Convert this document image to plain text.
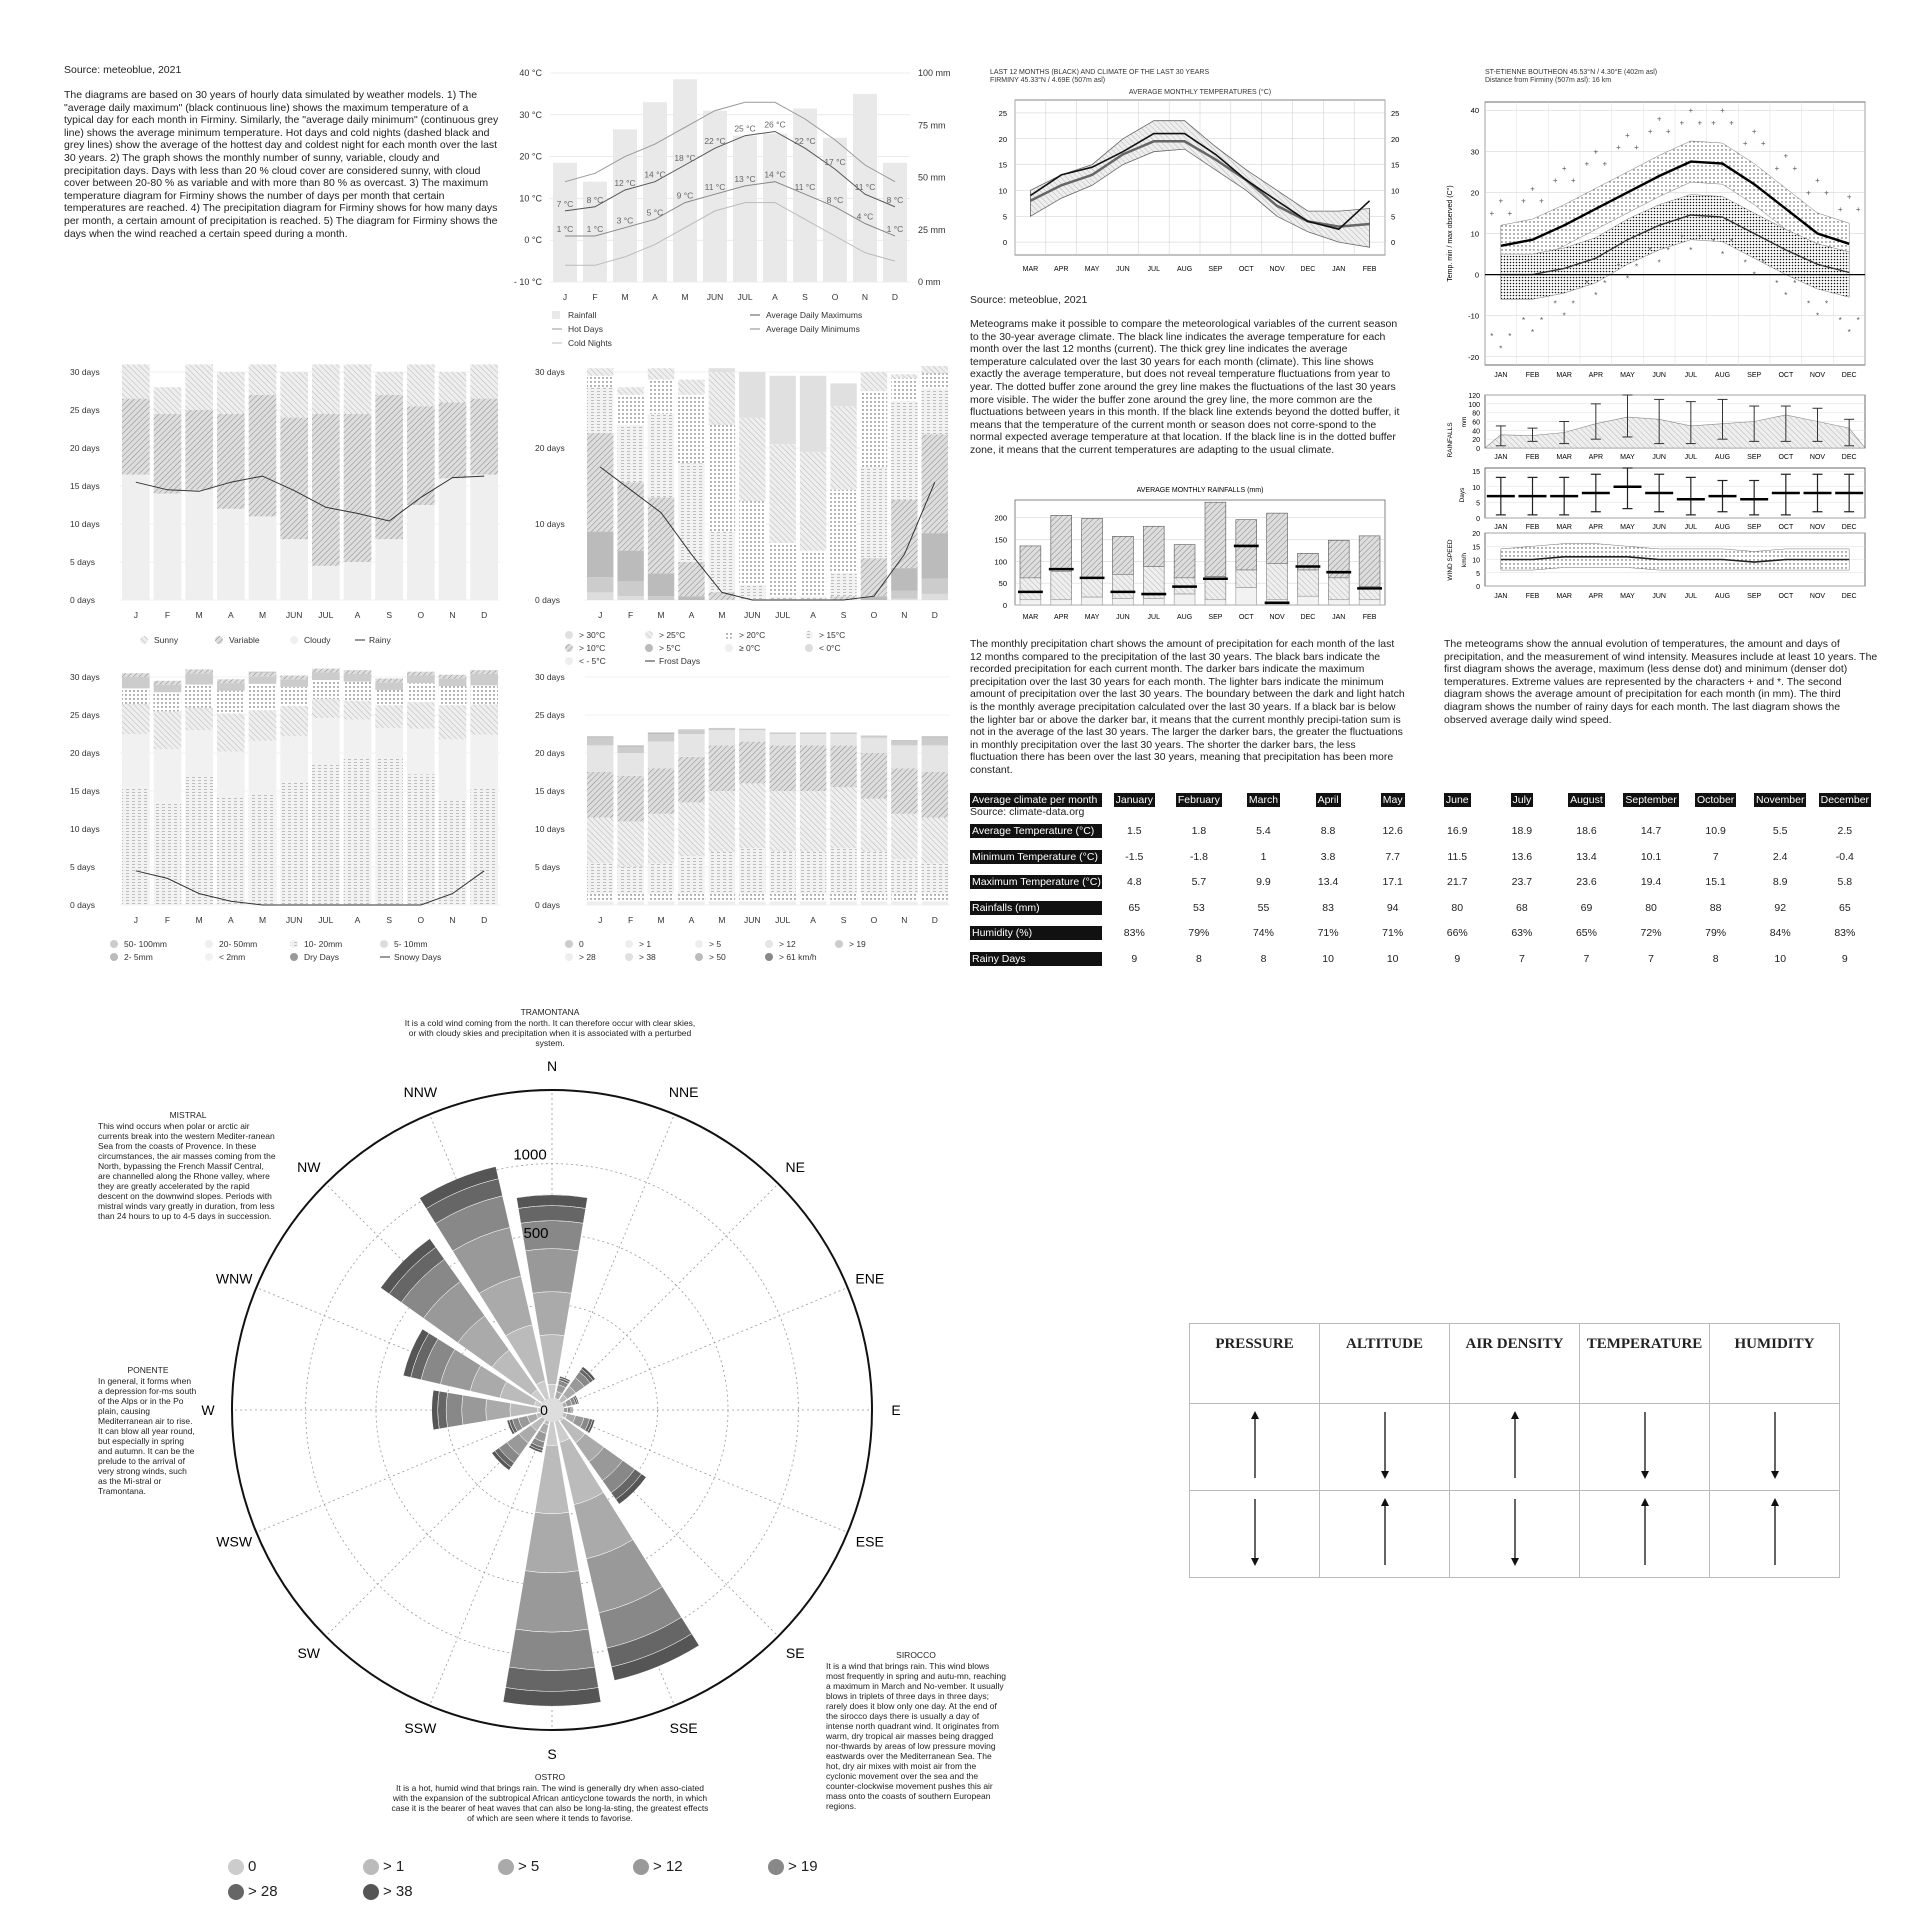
Source: meteoblue, 2021
The diagrams are based on 30 years of hourly data simulated by weather models. 1) The "average daily maximum" (black continuous line) shows the maximum temperature of a typical day for each month in Firminy. Similarly, the "average daily minimum" (continuous grey line) shows the average minimum temperature. Hot days and cold nights (dashed black and grey lines) show the average of the hottest day and coldest night for each month over the last 30 years. 2) The graph shows the monthly number of sunny, variable, cloudy and precipitation days. Days with less than 20 % cloud cover are considered sunny, with cloud cover between 20-80 % as variable and with more than 80 % as overcast. 3) The maximum temperature diagram for Firminy shows the number of days per month that certain temperatures are reached. 4) The precipitation diagram for Firminy shows for how many days per month, a certain amount of precipitation is reached. 5) The diagram for Firminy shows the days when the wind reached a certain speed during a month.
40 °C
30 °C
20 °C
10 °C
0 °C
- 10 °C
100 mm
75 mm
50 mm
25 mm
0 mm
7 °C 8 °C
12 °C
14 °C
18 °C
22 °C
25 °C 26 °C
22 °C
17 °C
11 °C
8 °C
1 °C 1 °C
3 °C
5 °C
9 °C
11 °C
13 °C 14 °C
11 °C
8 °C
4 °C
1 °C
J	F	M	A	M JUN JUL A	S	O	N	D
Rainfall
Hot Days
Cold Nights
Average Daily Maximums
Average Daily Minimums
30 days
25 days
20 days
15 days
10 days
5 days
0 days
J	F	M	A	M JUN JUL	A	S	O	N	D
Sunny	Variable	Cloudy	Rainy
30 days
20 days
10 days
0 days
J	F	M	A	M JUN JUL A	S	O	N	D
> 30°C	> 25°C	> 20°C	> 15°C
> 10°C	> 5°C	≥ 0°C	< 0°C
< - 5°C	Frost Days
30 days
25 days
20 days
15 days
10 days
5 days
0 days
J	F	M	A	M JUN JUL	A	S	O	N	D
50- 100mm	20- 50mm	10- 20mm	5- 10mm
2- 5mm	< 2mm	Dry Days	Snowy Days
30 days
25 days
20 days
15 days
10 days
5 days
0 days
J	F	M	A	M JUN JUL A	S	O	N	D
0	> 1	> 5	> 12	> 19
> 28	> 38	> 50	> 61 km/h
LAST 12 MONTHS (BLACK) AND CLIMATE OF THE LAST 30 YEARS
FIRMINY 45.33°N / 4.69E (507m asl)
AVERAGE MONTHLY TEMPERATURES (°C)
25	25
20	20
15	15
10	10
5	5
0	0
MAR APR MAY JUN	JUL AUG SEP OCT NOV DEC JAN FEB
Source: meteoblue, 2021
Meteograms make it possible to compare the meteorological variables of the current season to the 30-year average climate. The black line indicates the average temperature for each month over the last 12 months (current). The thick grey line indicates the average temperature calculated over the last 30 years for each month (climate). This line shows exactly the average temperature, but does not reveal temperature fluctuations from year to year. The dotted buffer zone around the grey line makes the fluctuations of the last 30 years more visible. The wider the buffer zone around the grey line, the more common are the fluctuations between years in this month. If the black line extends beyond the dotted buffer, it means that the temperature of the current month or season does not corre-spond to the normal expected average temperature at that location. If the black line is in the dotted buffer zone, it means that the current temperatures are adapting to the usual climate.
AVERAGE MONTHLY RAINFALLS (mm)
200
150
100
50
0
MAR APR MAY JUN	JUL AUG SEP OCT NOV DEC JAN FEB
The monthly precipitation chart shows the amount of precipitation for each month of the last 12 months compared to the precipitation of the last 30 years. The black bars indicate the recorded precipitation for each current month. The darker bars indicate the maximum precipitation over the last 30 years for each month. The lighter bars indicate the minimum amount of precipitation over the last 30 years. The boundary between the dark and light hatch is the monthly average precipitation calculated over the last 30 years. If a black bar is below the lighter bar or above the darker bar, it means that the current monthly precipi-tation sum is not in the average of the last 30 years. The larger the darker bars, the greater the fluctuations in monthly precipitation over the last 30 years. The shorter the darker bars, the less fluctuation there has been over the last 30 years, meaning that precipitation has been more constant.
ST-ETIENNE BOUTHEON 45.53°N / 4.30°E (402m asl)
Distance from Firminy (507m asl): 16 km
Temp. min / max observed (C°)
40
30
20
10
0
-10
-20
+
+
+
+
+
+
+
+
+
+
+
+
+
+
+
+
+
+
+
+
+ +
+
+
+
+
+
+
+
+
+
+
+
+
+
+
*
*
*
*
*
*
*
*
*
*
*
*
*
*
*
*
*
*
*
*
* *
*
*
*
*
*
*
*
*
*
*
*
*
*
*
JAN	FEB MAR APR MAY	JUN	JUL	AUG SEP OCT NOV DEC
RAINFALLS
mm
120
100
80
60
40
20
0
JAN	FEB MAR APR MAY	JUN	JUL	AUG SEP OCT NOV DEC
Days
15
10
5
0
JAN	FEB MAR APR MAY	JUN	JUL	AUG SEP OCT NOV DEC
WIND SPEED km/h
20
15
10
5
0
JAN	FEB MAR APR MAY	JUN	JUL	AUG SEP OCT NOV DEC
The meteograms show the annual evolution of temperatures, the amount and days of precipitation, and the measurement of wind intensity. Measures include at least 10 years. The first diagram shows the average, maximum (less dense dot) and minimum (denser dot) temperatures. Extreme values are represented by the characters + and *. The second diagram shows the average amount of precipitation for each month (in mm). The third diagram shows the number of rainy days for each month. The last diagram shows the observed average daily wind speed.
Average climate per month
Source: climate-data.org	January	February	March	April	May	June	July	August	September	October	November	December

Average Temperature (°C)	1.5	1.8	5.4	8.8	12.6	16.9	18.9	18.6	14.7	10.9	5.5	2.5

Minimum Temperature (°C)	-1.5	-1.8	1	3.8	7.7	11.5	13.6	13.4	10.1	7	2.4	-0.4

Maximum Temperature (°C)	4.8	5.7	9.9	13.4	17.1	21.7	23.7	23.6	19.4	15.1	8.9	5.8

Rainfalls (mm)	65	53	55	83	94	80	68	69	80	88	92	65

Humidity (%)	83%	79%	74%	71%	71%	66%	63%	65%	72%	79%	84%	83%

Rainy Days	9	8	8	10	10	9	7	7	7	8	10	9
0
500
1000
N
NNE
NE
ENE
E
ESE
SE
SSE
S
SSW
SW
WSW
W
WNW
NW
NNW
TRAMONTANA
It is a cold wind coming from the north. It can therefore occur with clear skies, or with cloudy skies and precipitation when it is associated with a perturbed system.
MISTRAL
This wind occurs when polar or arctic air currents break into the western Mediter-ranean Sea from the coasts of Provence. In these circumstances, the air masses coming from the North, bypassing the French Massif Central, are channelled along the Rhone valley, where they are greatly accelerated by the rapid descent on the downwind slopes. Periods with mistral winds vary greatly in duration, from less than 24 hours to up to 4-5 days in succession.
PONENTE
In general, it forms when a depression for-ms south of the Alps or in the Po plain, causing Mediterranean air to rise. It can blow all year round, but especially in spring and autumn. It can be the prelude to the arrival of very strong winds, such as the Mi-stral or Tramontana.
SIROCCO
It is a wind that brings rain. This wind blows most frequently in spring and autu-mn, reaching a maximum in March and No-vember. It usually blows in triplets of three days in three days; rarely does it blow only one day. At the end of the sirocco days there is usually a day of intense north quadrant wind. It originates from warm, dry tropical air masses being dragged nor-thwards by areas of low pressure moving eastwards over the Mediterranean Sea. The hot, dry air mixes with moist air from the cyclonic movement over the sea and the counter-clockwise movement pushes this air mass onto the coasts of southern European regions.
OSTRO
It is a hot, humid wind that brings rain. The wind is generally dry when asso-ciated with the expansion of the subtropical African anticyclone towards the north, in which case it is the bearer of heat waves that can also be long-la-sting, the greatest effects of which are seen where it tends to favorise.
0	> 1	> 5	> 12	> 19
> 28	> 38
PRESSURE	ALTITUDE	AIR DENSITY	TEMPERATURE	HUMIDITY
